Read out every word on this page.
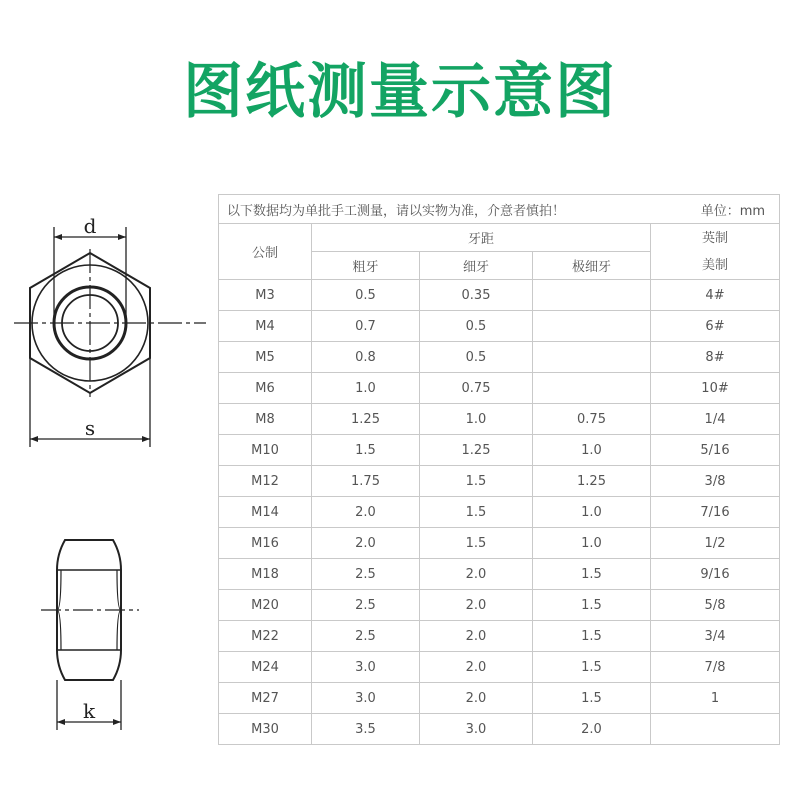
图纸测量示意图
d
s
k
以下数据均为单批手工测量，请以实物为准，介意者慎拍！				单位：mm
公制	牙距			英制
美制

	粗牙	细牙	极细牙	
M3	0.5	0.35		4#
M4	0.7	0.5		6#
M5	0.8	0.5		8#
M6	1.0	0.75		10#
M8	1.25	1.0	0.75	1/4
M10	1.5	1.25	1.0	5/16
M12	1.75	1.5	1.25	3/8
M14	2.0	1.5	1.0	7/16
M16	2.0	1.5	1.0	1/2
M18	2.5	2.0	1.5	9/16
M20	2.5	2.0	1.5	5/8
M22	2.5	2.0	1.5	3/4
M24	3.0	2.0	1.5	7/8
M27	3.0	2.0	1.5	1
M30	3.5	3.0	2.0	
